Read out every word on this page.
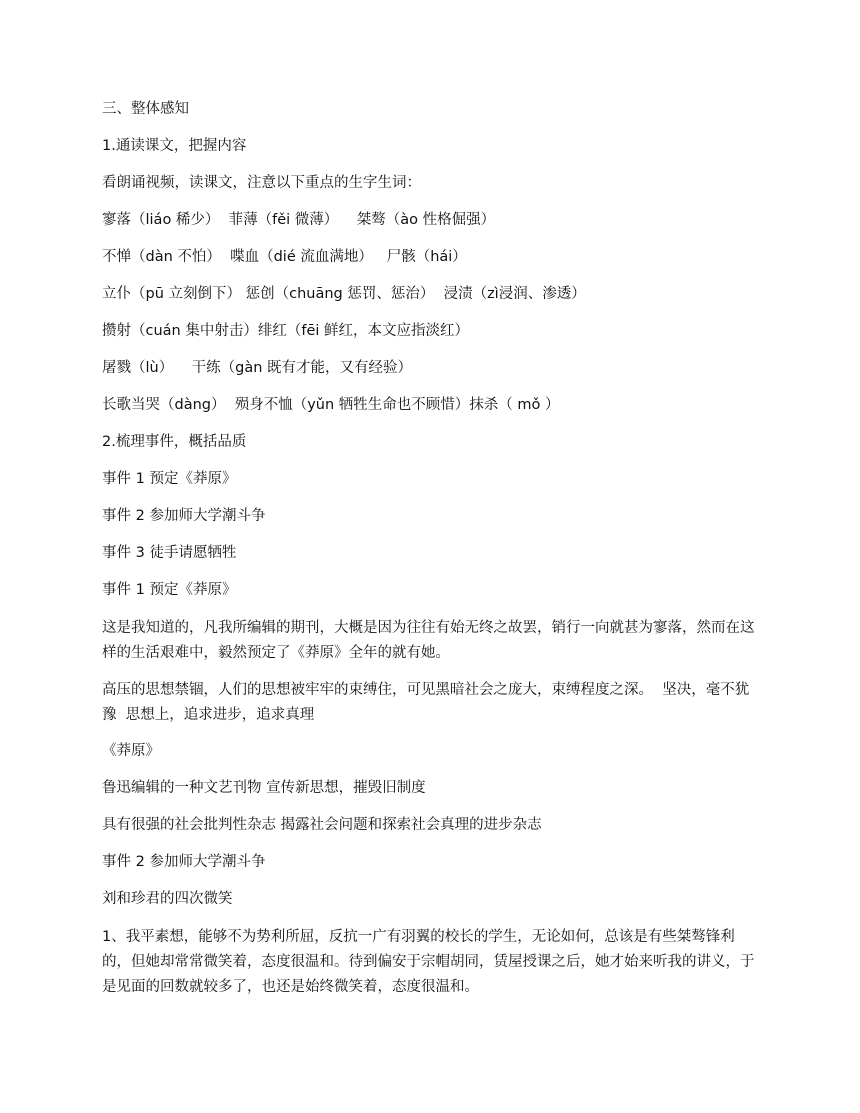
三、整体感知

1.通读课文，把握内容

看朗诵视频，读课文，注意以下重点的生字生词：

寥落（liáo 稀少）  菲薄（fěi 微薄）    桀骜（ào 性格倔强）

不惮（dàn 不怕）  喋血（dié 流血满地）   尸骸（hái）

立仆（pū 立刻倒下） 惩创（chuāng 惩罚、惩治）  浸渍（zì浸润、渗透）

攒射（cuán 集中射击）绯红（fēi 鲜红，本文应指淡红）

屠戮（lù）    干练（gàn 既有才能，又有经验）

长歌当哭（dàng）  殒身不恤（yǔn 牺牲生命也不顾惜）抹杀（ mǒ ）

2.梳理事件，概括品质

事件 1 预定《莽原》

事件 2 参加师大学潮斗争

事件 3 徒手请愿牺牲

事件 1 预定《莽原》

这是我知道的，凡我所编辑的期刊，大概是因为往往有始无终之故罢，销行一向就甚为寥落，然而在这样的生活艰难中，毅然预定了《莽原》全年的就有她。

高压的思想禁锢，人们的思想被牢牢的束缚住，可见黑暗社会之庞大，束缚程度之深。  坚决，毫不犹豫  思想上，追求进步，追求真理

《莽原》

鲁迅编辑的一种文艺刊物 宣传新思想，摧毁旧制度

具有很强的社会批判性杂志 揭露社会问题和探索社会真理的进步杂志

事件 2 参加师大学潮斗争

刘和珍君的四次微笑

1、我平素想，能够不为势利所屈，反抗一广有羽翼的校长的学生，无论如何，总该是有些桀骜锋利的，但她却常常微笑着，态度很温和。待到偏安于宗帽胡同，赁屋授课之后，她才始来听我的讲义，于是见面的回数就较多了，也还是始终微笑着，态度很温和。
